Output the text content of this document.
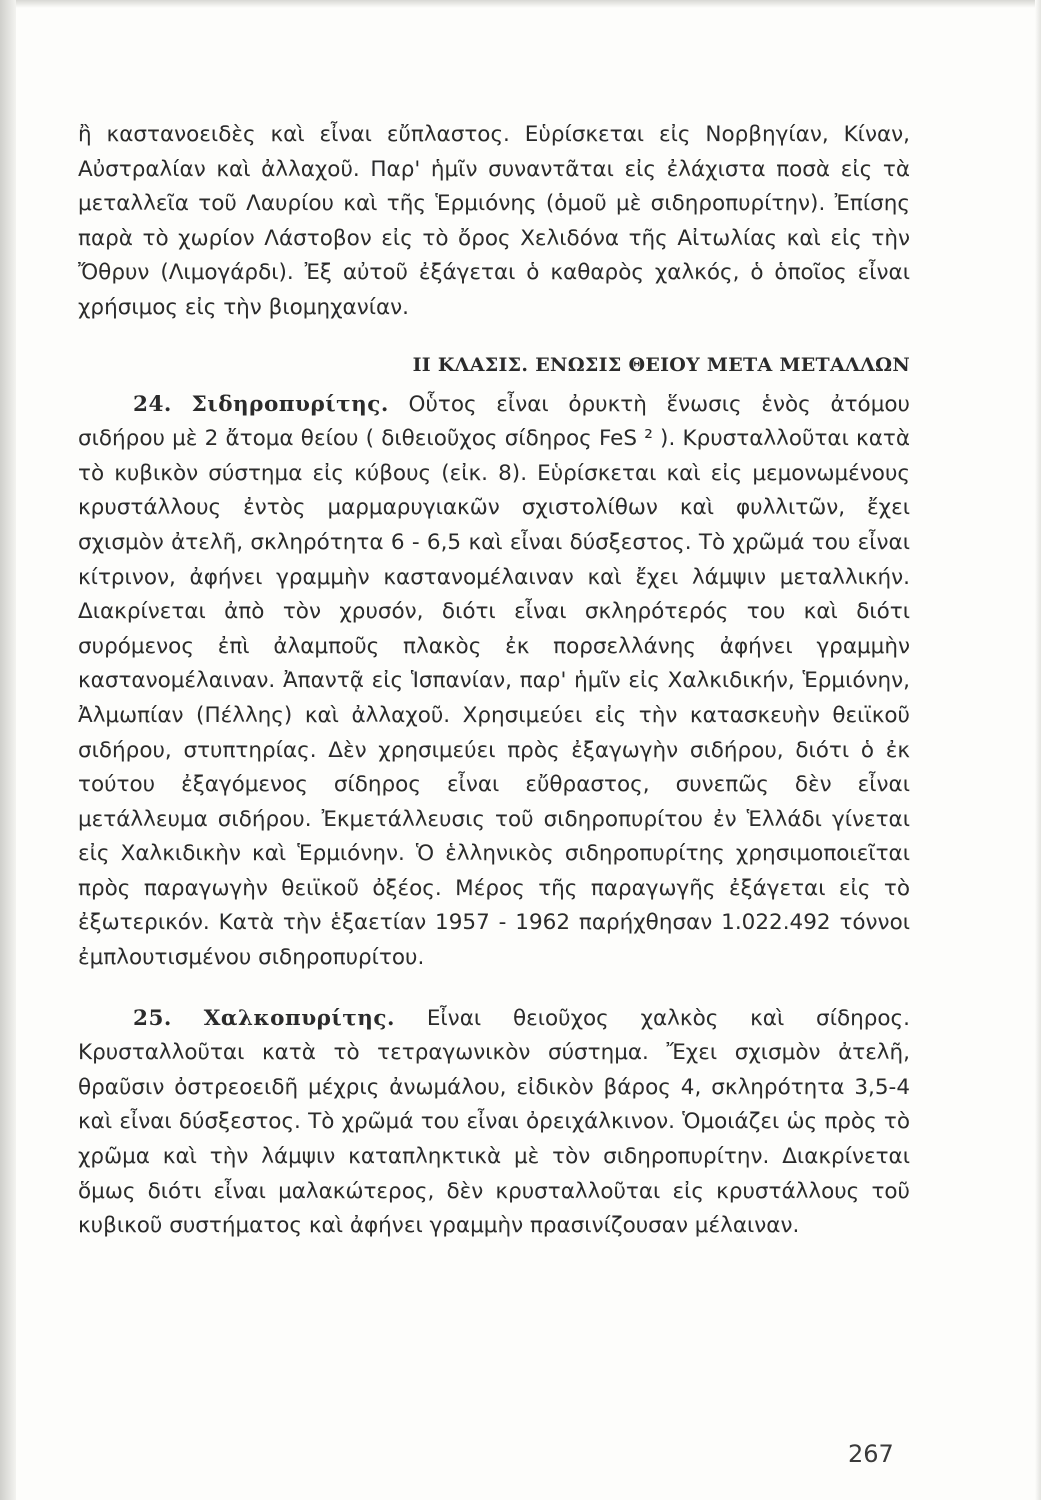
ἢ καστανοειδὲς καὶ εἶναι εὔπλαστος. Εὑρίσκεται εἰς Νορβηγίαν, Κίναν, Αὐστραλίαν καὶ ἀλλαχοῦ. Παρ' ἡμῖν συναντᾶται εἰς ἐλάχιστα ποσὰ εἰς τὰ μεταλλεῖα τοῦ Λαυρίου καὶ τῆς Ἑρμιόνης (ὁμοῦ μὲ σιδηροπυρίτην). Ἐπίσης παρὰ τὸ χωρίον Λάστοβον εἰς τὸ ὄρος Χελιδόνα τῆς Αἰτωλίας καὶ εἰς τὴν Ὄθρυν (Λιμογάρδι). Ἐξ αὐτοῦ ἐξάγεται ὁ καθαρὸς χαλκός, ὁ ὁποῖος εἶναι χρήσιμος εἰς τὴν βιομηχανίαν.

ΙΙ ΚΛΑΣΙΣ. ΕΝΩΣΙΣ ΘΕΙΟΥ ΜΕΤΑ ΜΕΤΑΛΛΩΝ

24. Σιδηροπυρίτης. Οὗτος εἶναι ὀρυκτὴ ἕνωσις ἑνὸς ἀτόμου σιδήρου μὲ 2 ἄτομα θείου ( διθειοῦχος σίδηρος FeS ² ). Κρυσταλλοῦται κατὰ τὸ κυβικὸν σύστημα εἰς κύβους (εἰκ. 8). Εὑρίσκεται καὶ εἰς μεμονωμένους κρυστάλλους ἐντὸς μαρμαρυγιακῶν σχιστολίθων καὶ φυλλιτῶν, ἔχει σχισμὸν ἀτελῆ, σκληρότητα 6 - 6,5 καὶ εἶναι δύσξεστος. Τὸ χρῶμά του εἶναι κίτρινον, ἀφήνει γραμμὴν καστανομέλαιναν καὶ ἔχει λάμψιν μεταλλικήν. Διακρίνεται ἀπὸ τὸν χρυσόν, διότι εἶναι σκληρότερός του καὶ διότι συρόμενος ἐπὶ ἀλαμποῦς πλακὸς ἐκ πορσελλάνης ἀφήνει γραμμὴν καστανομέλαιναν. Ἀπαντᾷ εἰς Ἱσπανίαν, παρ' ἡμῖν εἰς Χαλκιδικήν, Ἑρμιόνην, Ἀλμωπίαν (Πέλλης) καὶ ἀλλαχοῦ. Χρησιμεύει εἰς τὴν κατασκευὴν θειϊκοῦ σιδήρου, στυπτηρίας. Δὲν χρησιμεύει πρὸς ἐξαγωγὴν σιδήρου, διότι ὁ ἐκ τούτου ἐξαγόμενος σίδηρος εἶναι εὔθραστος, συνεπῶς δὲν εἶναι μετάλλευμα σιδήρου. Ἐκμετάλλευσις τοῦ σιδηροπυρίτου ἐν Ἑλλάδι γίνεται εἰς Χαλκιδικὴν καὶ Ἑρμιόνην. Ὁ ἑλληνικὸς σιδηροπυρίτης χρησιμοποιεῖται πρὸς παραγωγὴν θειϊκοῦ ὀξέος. Μέρος τῆς παραγωγῆς ἐξάγεται εἰς τὸ ἐξωτερικόν. Κατὰ τὴν ἑξαετίαν 1957 - 1962 παρήχθησαν 1.022.492 τόννοι ἐμπλουτισμένου σιδηροπυρίτου.

25. Χαλκοπυρίτης. Εἶναι θειοῦχος χαλκὸς καὶ σίδηρος. Κρυσταλλοῦται κατὰ τὸ τετραγωνικὸν σύστημα. Ἔχει σχισμὸν ἀτελῆ, θραῦσιν ὀστρεοειδῆ μέχρις ἀνωμάλου, εἰδικὸν βάρος 4, σκληρότητα 3,5-4 καὶ εἶναι δύσξεστος. Τὸ χρῶμά του εἶναι ὀρειχάλκινον. Ὁμοιάζει ὡς πρὸς τὸ χρῶμα καὶ τὴν λάμψιν καταπληκτικὰ μὲ τὸν σιδηροπυρίτην. Διακρίνεται ὅμως διότι εἶναι μαλακώτερος, δὲν κρυσταλλοῦται εἰς κρυστάλλους τοῦ κυβικοῦ συστήματος καὶ ἀφήνει γραμμὴν πρασινίζουσαν μέλαιναν.

267
